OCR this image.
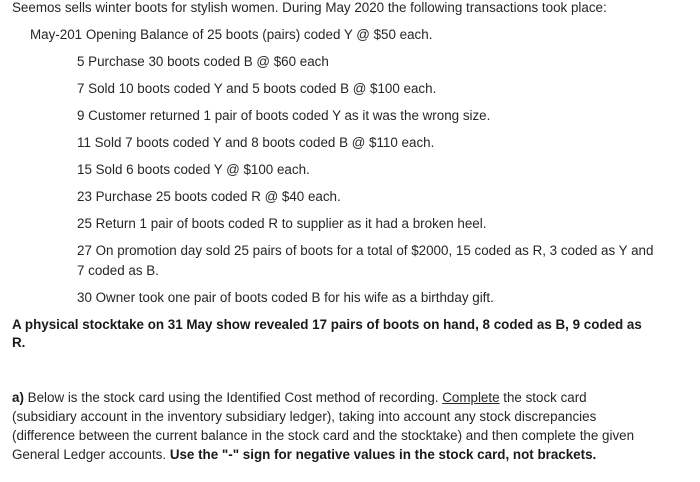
Seemos sells winter boots for stylish women. During May 2020 the following transactions took place:
May-201 Opening Balance of 25 boots (pairs) coded Y @ $50 each.
5 Purchase 30 boots coded B @ $60 each
7 Sold 10 boots coded Y and 5 boots coded B @ $100 each.
9 Customer returned 1 pair of boots coded Y as it was the wrong size.
11 Sold 7 boots coded Y and 8 boots coded B @ $110 each.
15 Sold 6 boots coded Y @ $100 each.
23 Purchase 25 boots coded R @ $40 each.
25 Return 1 pair of boots coded R to supplier as it had a broken heel.
27 On promotion day sold 25 pairs of boots for a total of $2000, 15 coded as R, 3 coded as Y and
7 coded as B.
30 Owner took one pair of boots coded B for his wife as a birthday gift.
A physical stocktake on 31 May show revealed 17 pairs of boots on hand, 8 coded as B, 9 coded as
R.
a) Below is the stock card using the Identified Cost method of recording. Complete the stock card
(subsidiary account in the inventory subsidiary ledger), taking into account any stock discrepancies
(difference between the current balance in the stock card and the stocktake) and then complete the given
General Ledger accounts. Use the "-" sign for negative values in the stock card, not brackets.
